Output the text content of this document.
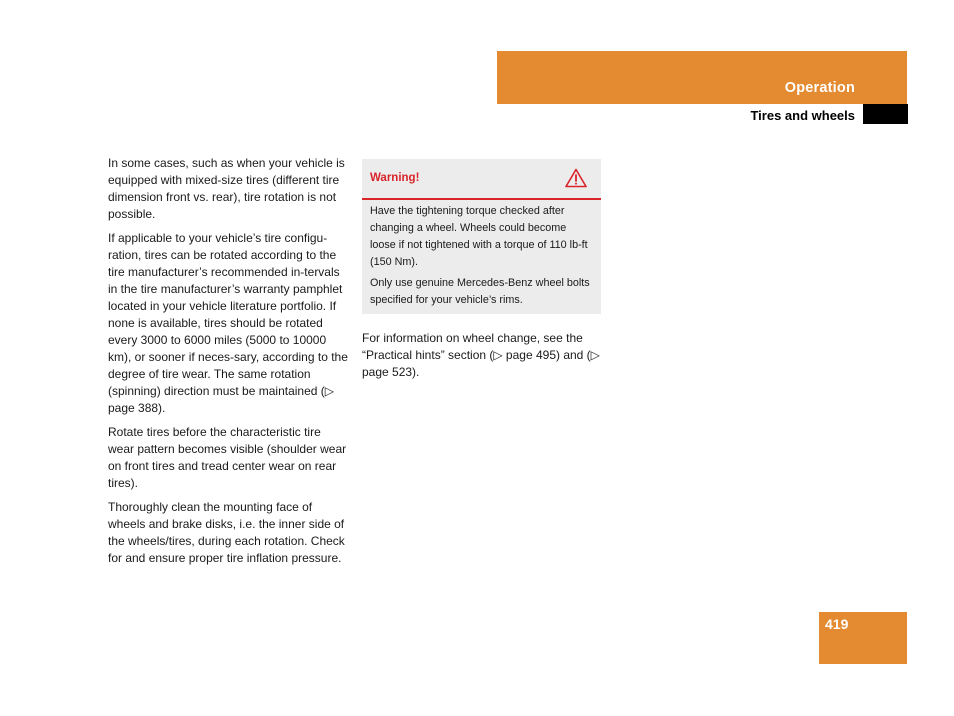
Operation
Tires and wheels

In some cases, such as when your vehicle is equipped with mixed-size tires (different tire dimension front vs. rear), tire rotation is not possible.

If applicable to your vehicle’s tire configu-ration, tires can be rotated according to the tire manufacturer’s recommended in-tervals in the tire manufacturer’s warranty pamphlet located in your vehicle literature portfolio. If none is available, tires should be rotated every 3000 to 6000 miles (5000 to 10000 km), or sooner if neces-sary, according to the degree of tire wear. The same rotation (spinning) direction must be maintained (▷ page 388).

Rotate tires before the characteristic tire wear pattern becomes visible (shoulder wear on front tires and tread center wear on rear tires).

Thoroughly clean the mounting face of wheels and brake disks, i.e. the inner side of the wheels/tires, during each rotation. Check for and ensure proper tire inflation pressure.

Warning!

Have the tightening torque checked after changing a wheel. Wheels could become loose if not tightened with a torque of 110 lb-ft (150 Nm).

Only use genuine Mercedes-Benz wheel bolts specified for your vehicle’s rims.

For information on wheel change, see the “Practical hints” section (▷ page 495) and (▷ page 523).

419
